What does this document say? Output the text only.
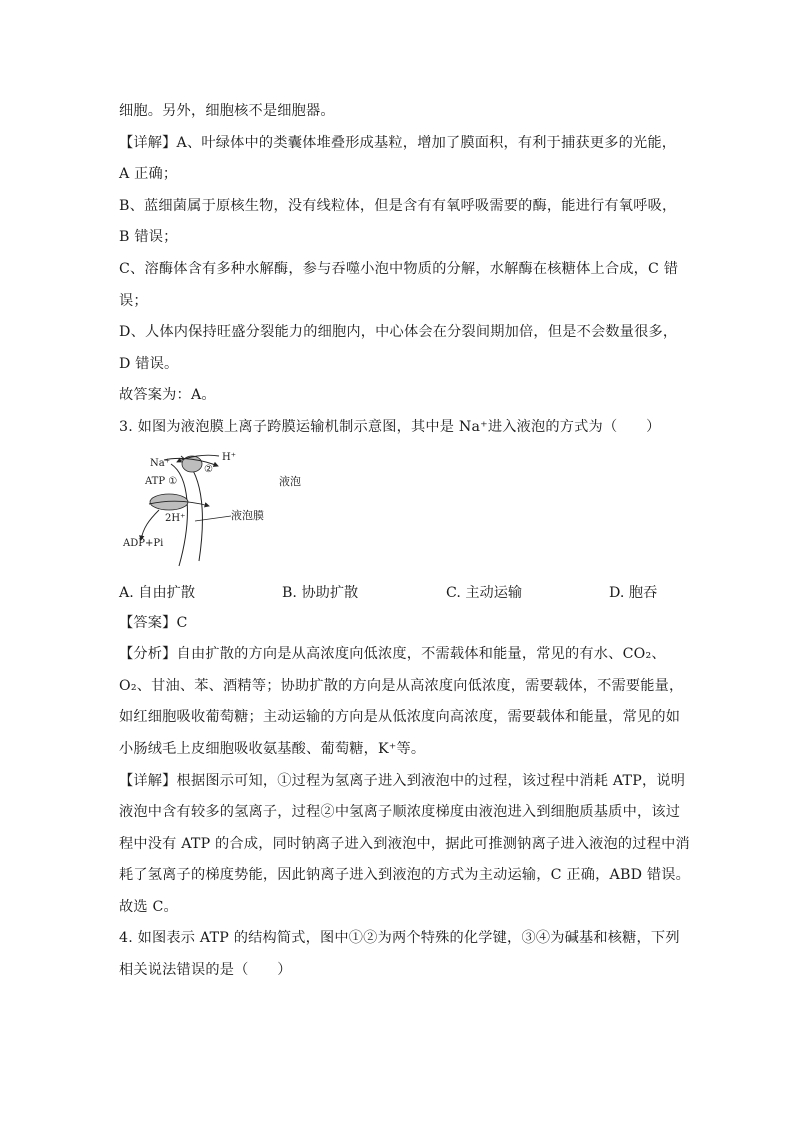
细胞。另外，细胞核不是细胞器。
【详解】A、叶绿体中的类囊体堆叠形成基粒，增加了膜面积，有利于捕获更多的光能，
A 正确；
B、蓝细菌属于原核生物，没有线粒体，但是含有有氧呼吸需要的酶，能进行有氧呼吸，
B 错误；
C、溶酶体含有多种水解酶，参与吞噬小泡中物质的分解，水解酶在核糖体上合成，C 错
误；
D、人体内保持旺盛分裂能力的细胞内，中心体会在分裂间期加倍，但是不会数量很多，
D 错误。
故答案为：A。
3. 如图为液泡膜上离子跨膜运输机制示意图，其中是 Na⁺进入液泡的方式为（　　）
Na⁺
H⁺
②
ATP ①
2H⁺
ADP+Pi
液泡
液泡膜
A. 自由扩散	B. 协助扩散	C. 主动运输	D. 胞吞
【答案】C
【分析】自由扩散的方向是从高浓度向低浓度，不需载体和能量，常见的有水、CO₂、
O₂、甘油、苯、酒精等；协助扩散的方向是从高浓度向低浓度，需要载体，不需要能量，
如红细胞吸收葡萄糖；主动运输的方向是从低浓度向高浓度，需要载体和能量，常见的如
小肠绒毛上皮细胞吸收氨基酸、葡萄糖，K⁺等。
【详解】根据图示可知，①过程为氢离子进入到液泡中的过程，该过程中消耗 ATP，说明
液泡中含有较多的氢离子，过程②中氢离子顺浓度梯度由液泡进入到细胞质基质中，该过
程中没有 ATP 的合成，同时钠离子进入到液泡中，据此可推测钠离子进入液泡的过程中消
耗了氢离子的梯度势能，因此钠离子进入到液泡的方式为主动运输，C 正确，ABD 错误。
故选 C。
4. 如图表示 ATP 的结构简式，图中①②为两个特殊的化学键，③④为碱基和核糖，下列
相关说法错误的是（　　）
